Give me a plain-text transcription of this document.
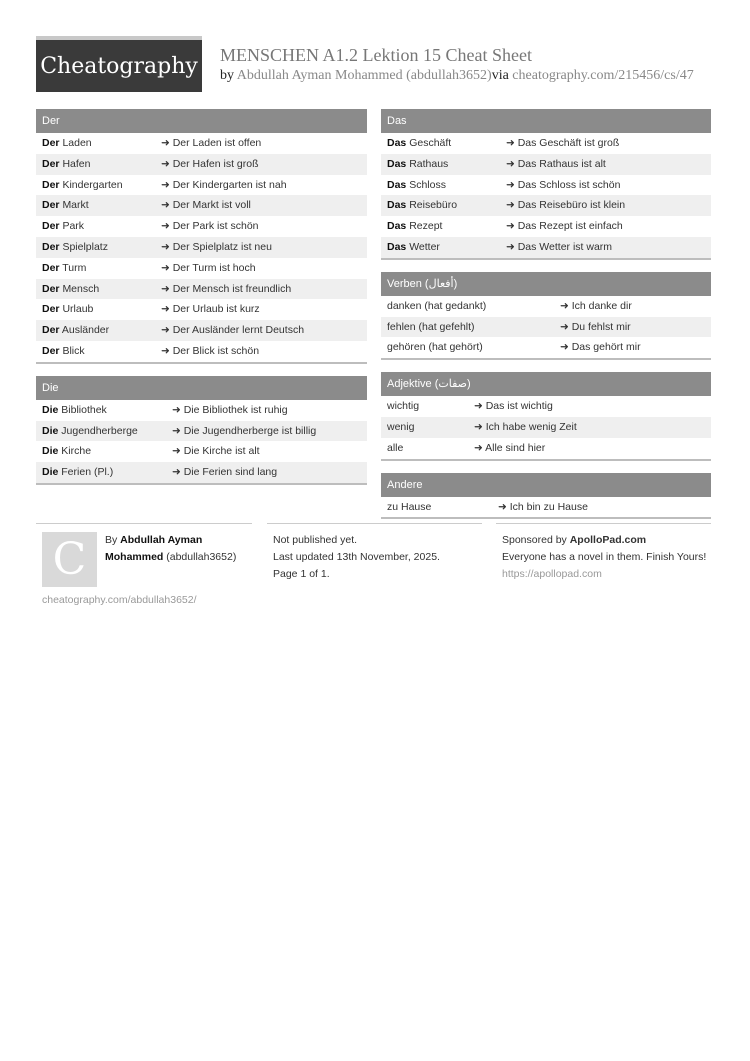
Cheatography MENSCHEN A1.2 Lektion 15 Cheat Sheet
by Abdullah Ayman Mohammed (abdullah3652)via cheatography.com/215456/cs/47
Der
Der Laden	➜ Der Laden ist offen
Der Hafen	➜ Der Hafen ist groß
Der Kindergarten	➜ Der Kindergarten ist nah
Der Markt	➜ Der Markt ist voll
Der Park	➜ Der Park ist schön
Der Spielplatz	➜ Der Spielplatz ist neu
Der Turm	➜ Der Turm ist hoch
Der Mensch	➜ Der Mensch ist freundlich
Der Urlaub	➜ Der Urlaub ist kurz
Der Ausländer	➜ Der Ausländer lernt Deutsch
Der Blick	➜ Der Blick ist schön
Die
Die Bibliothek	➜ Die Bibliothek ist ruhig
Die Jugendherberge	➜ Die Jugendherberge ist billig
Die Kirche	➜ Die Kirche ist alt
Die Ferien (Pl.)	➜ Die Ferien sind lang
Das
Das Geschäft	➜ Das Geschäft ist groß
Das Rathaus	➜ Das Rathaus ist alt
Das Schloss	➜ Das Schloss ist schön
Das Reisebüro	➜ Das Reisebüro ist klein
Das Rezept	➜ Das Rezept ist einfach
Das Wetter	➜ Das Wetter ist warm
Verben (أفعال)
danken (hat gedankt)	➜ Ich danke dir
fehlen (hat gefehlt)	➜ Du fehlst mir
gehören (hat gehört)	➜ Das gehört mir
Adjektive (صفات)
wichtig	➜ Das ist wichtig
wenig	➜ Ich habe wenig Zeit
alle	➜ Alle sind hier
Andere
zu Hause	➜ Ich bin zu Hause
C	By Abdullah Ayman Mohammed (abdullah3652)
cheatography.com/abdullah3652/
Not published yet.
Last updated 13th November, 2025.
Page 1 of 1.
Sponsored by ApolloPad.com
Everyone has a novel in them. Finish Yours!
https://apollopad.com
